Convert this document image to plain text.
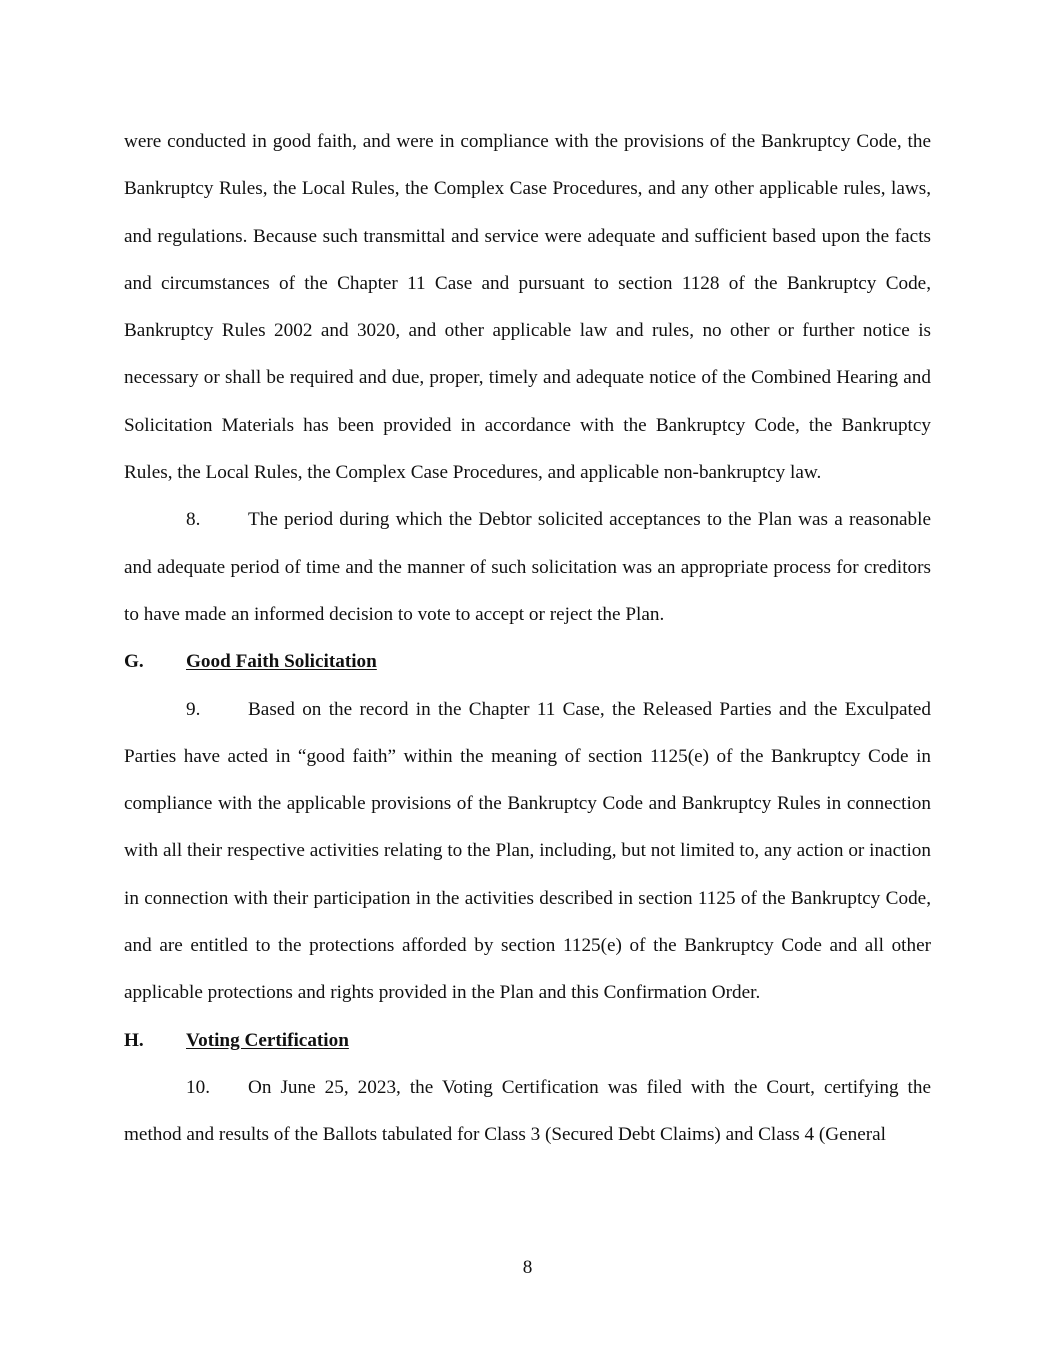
were conducted in good faith, and were in compliance with the provisions of the Bankruptcy Code, the Bankruptcy Rules, the Local Rules, the Complex Case Procedures, and any other applicable rules, laws, and regulations. Because such transmittal and service were adequate and sufficient based upon the facts and circumstances of the Chapter 11 Case and pursuant to section 1128 of the Bankruptcy Code, Bankruptcy Rules 2002 and 3020, and other applicable law and rules, no other or further notice is necessary or shall be required and due, proper, timely and adequate notice of the Combined Hearing and Solicitation Materials has been provided in accordance with the Bankruptcy Code, the Bankruptcy Rules, the Local Rules, the Complex Case Procedures, and applicable non-bankruptcy law.

8. The period during which the Debtor solicited acceptances to the Plan was a reasonable and adequate period of time and the manner of such solicitation was an appropriate process for creditors to have made an informed decision to vote to accept or reject the Plan.

G. Good Faith Solicitation

9. Based on the record in the Chapter 11 Case, the Released Parties and the Exculpated Parties have acted in “good faith” within the meaning of section 1125(e) of the Bankruptcy Code in compliance with the applicable provisions of the Bankruptcy Code and Bankruptcy Rules in connection with all their respective activities relating to the Plan, including, but not limited to, any action or inaction in connection with their participation in the activities described in section 1125 of the Bankruptcy Code, and are entitled to the protections afforded by section 1125(e) of the Bankruptcy Code and all other applicable protections and rights provided in the Plan and this Confirmation Order.

H. Voting Certification

10. On June 25, 2023, the Voting Certification was filed with the Court, certifying the method and results of the Ballots tabulated for Class 3 (Secured Debt Claims) and Class 4 (General

8
